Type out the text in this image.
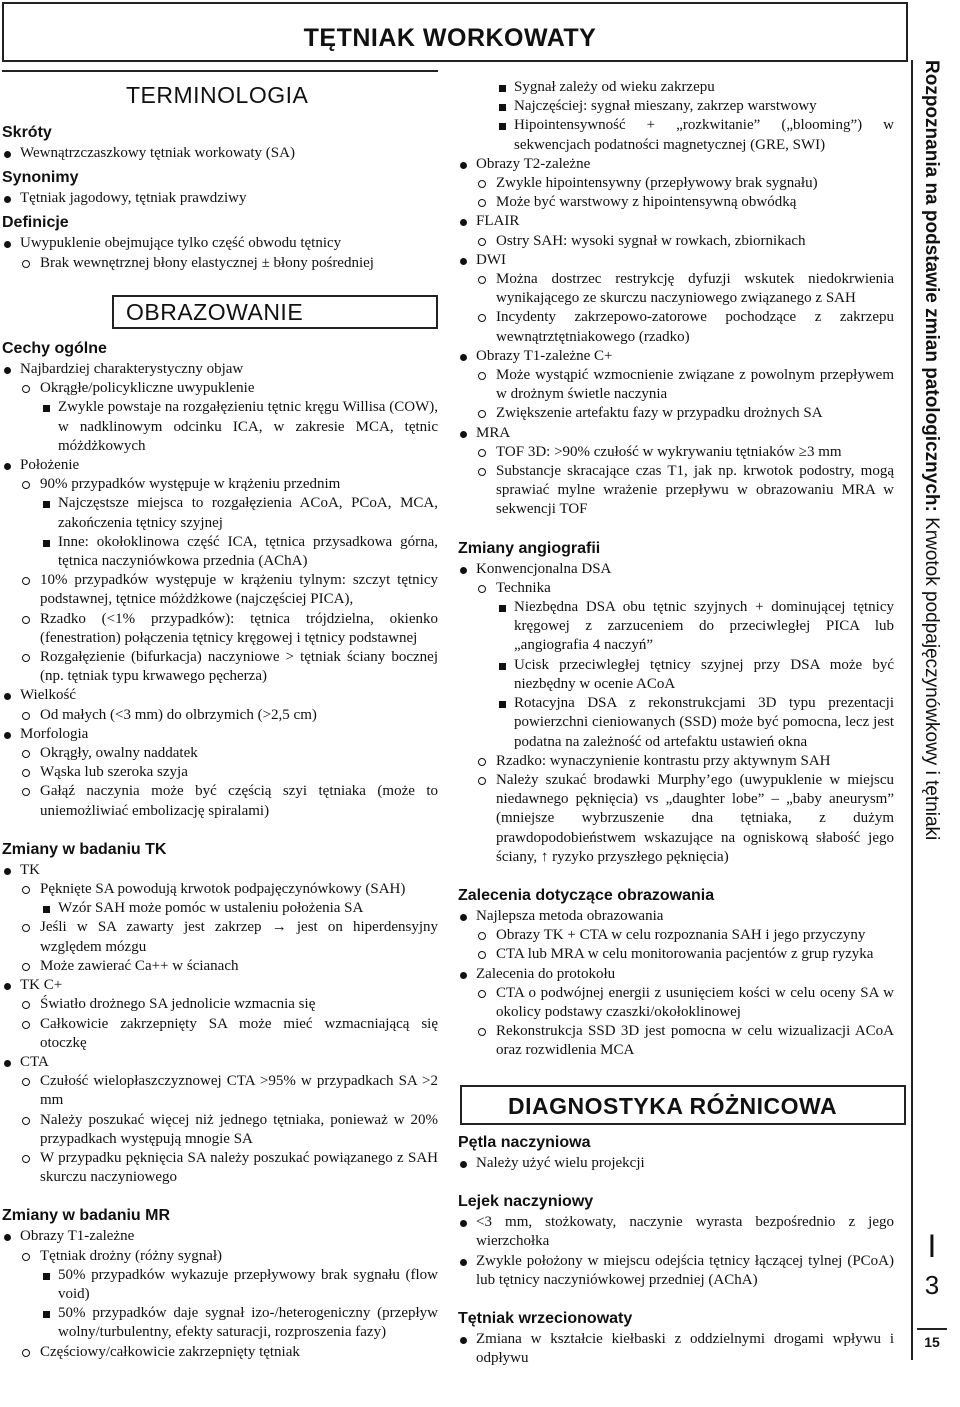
TĘTNIAK WORKOWATY
TERMINOLOGIA
OBRAZOWANIE
Skróty
Wewnątrzczaszkowy tętniak workowaty (SA)
Synonimy
Tętniak jagodowy, tętniak prawdziwy
Definicje
Uwypuklenie obejmujące tylko część obwodu tętnicy
Brak wewnętrznej błony elastycznej ± błony pośredniej
Cechy ogólne
Najbardziej charakterystyczny objaw
Okrągłe/policykliczne uwypuklenie
Zwykle powstaje na rozgałęzieniu tętnic kręgu Willisa (COW), w nadklinowym odcinku ICA, w zakresie MCA, tętnic móżdżkowych
Położenie
90% przypadków występuje w krążeniu przednim
Najczęstsze miejsca to rozgałęzienia ACoA, PCoA, MCA, zakończenia tętnicy szyjnej
Inne: okołoklinowa część ICA, tętnica przysadkowa górna, tętnica naczyniówkowa przednia (AChA)
10% przypadków występuje w krążeniu tylnym: szczyt tętnicy podstawnej, tętnice móżdżkowe (najczęściej PICA),
Rzadko (<1% przypadków): tętnica trójdzielna, okienko (fenestration) połączenia tętnicy kręgowej i tętnicy podstawnej
Rozgałęzienie (bifurkacja) naczyniowe > tętniak ściany bocznej (np. tętniak typu krwawego pęcherza)
Wielkość
Od małych (<3 mm) do olbrzymich (>2,5 cm)
Morfologia
Okrągły, owalny naddatek
Wąska lub szeroka szyja
Gałąź naczynia może być częścią szyi tętniaka (może to uniemożliwiać embolizację spiralami)
Zmiany w badaniu TK
TK
Pęknięte SA powodują krwotok podpajęczynówkowy (SAH)
Wzór SAH może pomóc w ustaleniu położenia SA
Jeśli w SA zawarty jest zakrzep → jest on hiperdensyjny względem mózgu
Może zawierać Ca++ w ścianach
TK C+
Światło drożnego SA jednolicie wzmacnia się
Całkowicie zakrzepnięty SA może mieć wzmacniającą się otoczkę
CTA
Czułość wielopłaszczyznowej CTA >95% w przypadkach SA >2 mm
Należy poszukać więcej niż jednego tętniaka, ponieważ w 20% przypadkach występują mnogie SA
W przypadku pęknięcia SA należy poszukać powiązanego z SAH skurczu naczyniowego
Zmiany w badaniu MR
Obrazy T1-zależne
Tętniak drożny (różny sygnał)
50% przypadków wykazuje przepływowy brak sygnału (flow void)
50% przypadków daje sygnał izo-/heterogeniczny (przepływ wolny/turbulentny, efekty saturacji, rozproszenia fazy)
Częściowy/całkowicie zakrzepnięty tętniak
Sygnał zależy od wieku zakrzepu
Najczęściej: sygnał mieszany, zakrzep warstwowy
Hipointensywność + „rozkwitanie” („blooming”) w sekwencjach podatności magnetycznej (GRE, SWI)
Obrazy T2-zależne
Zwykle hipointensywny (przepływowy brak sygnału)
Może być warstwowy z hipointensywną obwódką
FLAIR
Ostry SAH: wysoki sygnał w rowkach, zbiornikach
DWI
Można dostrzec restrykcję dyfuzji wskutek niedokrwienia wynikającego ze skurczu naczyniowego związanego z SAH
Incydenty zakrzepowo-zatorowe pochodzące z zakrzepu wewnątrztętniakowego (rzadko)
Obrazy T1-zależne C+
Może wystąpić wzmocnienie związane z powolnym przepływem w drożnym świetle naczynia
Zwiększenie artefaktu fazy w przypadku drożnych SA
MRA
TOF 3D: >90% czułość w wykrywaniu tętniaków ≥3 mm
Substancje skracające czas T1, jak np. krwotok podostry, mogą sprawiać mylne wrażenie przepływu w obrazowaniu MRA w sekwencji TOF
Zmiany angiografii
Konwencjonalna DSA
Technika
Niezbędna DSA obu tętnic szyjnych + dominującej tętnicy kręgowej z zarzuceniem do przeciwległej PICA lub „angiografia 4 naczyń”
Ucisk przeciwległej tętnicy szyjnej przy DSA może być niezbędny w ocenie ACoA
Rotacyjna DSA z rekonstrukcjami 3D typu prezentacji powierzchni cieniowanych (SSD) może być pomocna, lecz jest podatna na zależność od artefaktu ustawień okna
Rzadko: wynaczynienie kontrastu przy aktywnym SAH
Należy szukać brodawki Murphy’ego (uwypuklenie w miejscu niedawnego pęknięcia) vs „daughter lobe” – „baby aneurysm” (mniejsze wybrzuszenie dna tętniaka, z dużym prawdopodobieństwem wskazujące na ogniskową słabość jego ściany, ↑ ryzyko przyszłego pęknięcia)
Zalecenia dotyczące obrazowania
Najlepsza metoda obrazowania
Obrazy TK + CTA w celu rozpoznania SAH i jego przyczyny
CTA lub MRA w celu monitorowania pacjentów z grup ryzyka
Zalecenia do protokołu
CTA o podwójnej energii z usunięciem kości w celu oceny SA w okolicy podstawy czaszki/okołoklinowej
Rekonstrukcja SSD 3D jest pomocna w celu wizualizacji ACoA oraz rozwidlenia MCA
DIAGNOSTYKA RÓŻNICOWA
Pętla naczyniowa
Należy użyć wielu projekcji
Lejek naczyniowy
<3 mm, stożkowaty, naczynie wyrasta bezpośrednio z jego wierzchołka
Zwykle położony w miejscu odejścia tętnicy łączącej tylnej (PCoA) lub tętnicy naczyniówkowej przedniej (AChA)
Tętniak wrzecionowaty
Zmiana w kształcie kiełbaski z oddzielnymi drogami wpływu i odpływu
Rozpoznania na podstawie zmian patologicznych: Krwotok podpajęczynówkowy i tętniaki
I
3
15
